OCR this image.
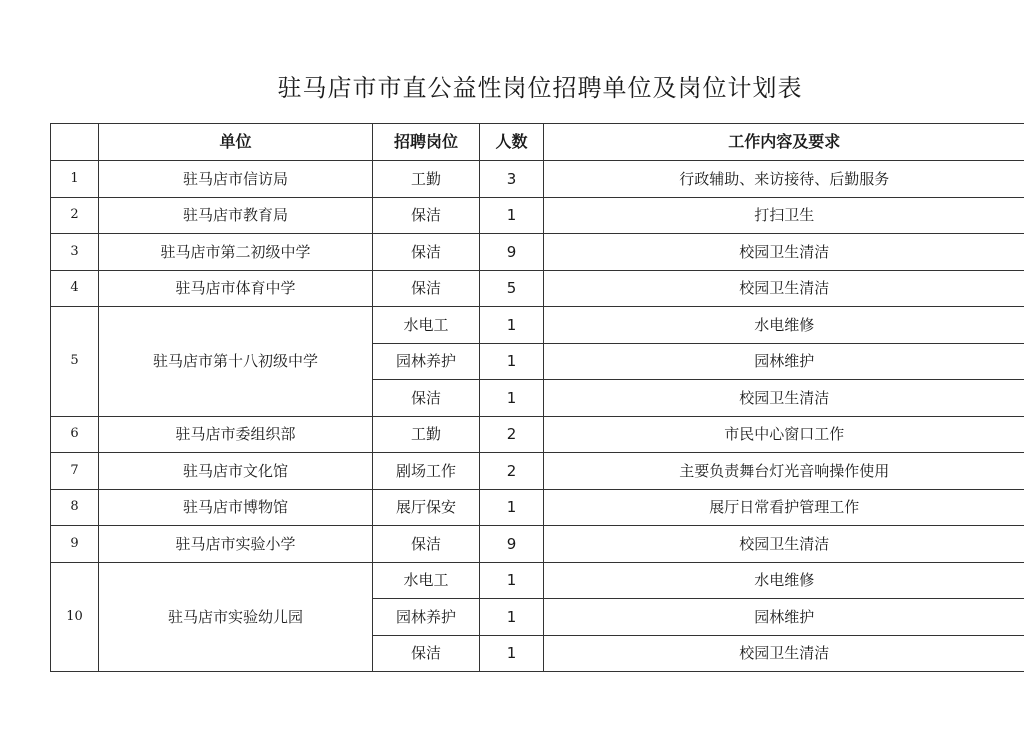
驻马店市市直公益性岗位招聘单位及岗位计划表
	单位	招聘岗位	人数	工作内容及要求
1	驻马店市信访局	工勤	3	行政辅助、来访接待、后勤服务
2	驻马店市教育局	保洁	1	打扫卫生
3	驻马店市第二初级中学	保洁	9	校园卫生清洁
4	驻马店市体育中学	保洁	5	校园卫生清洁
5	驻马店市第十八初级中学	水电工	1	水电维修
		园林养护	1	园林维护
		保洁	1	校园卫生清洁
6	驻马店市委组织部	工勤	2	市民中心窗口工作
7	驻马店市文化馆	剧场工作	2	主要负责舞台灯光音响操作使用
8	驻马店市博物馆	展厅保安	1	展厅日常看护管理工作
9	驻马店市实验小学	保洁	9	校园卫生清洁
10	驻马店市实验幼儿园	水电工	1	水电维修
		园林养护	1	园林维护
		保洁	1	校园卫生清洁
